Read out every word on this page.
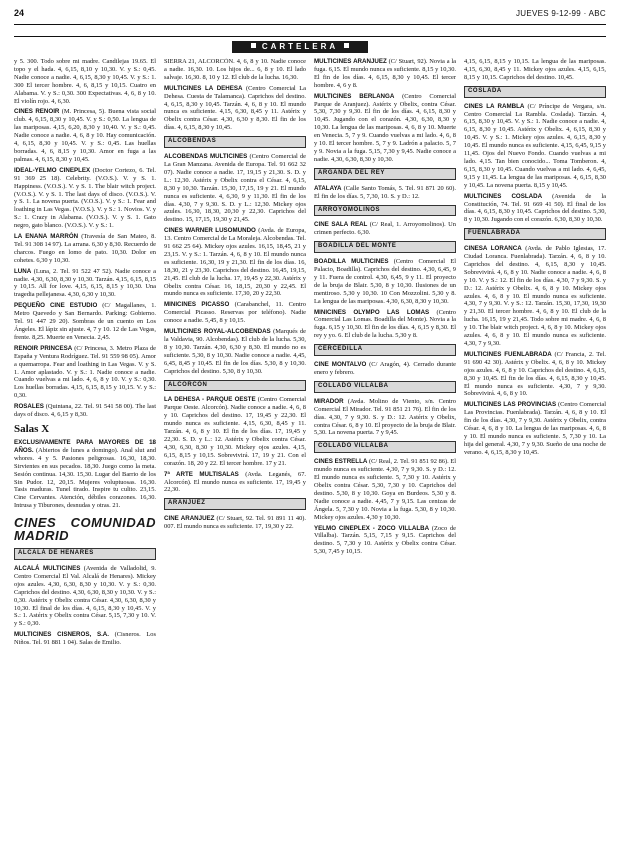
24	JUEVES 9-12-99 · ABC
CARTELERA

y 5. 300. Todo sobre mi madre. Candilejas 19.65. El topo y el hada. 4, 6,15, 8,10 y 10,30. V. y S.: 0,45. Nadie conoce a nadie. 4, 6,15, 8,30 y 10,45. V. y S.: 1. 300 El tercer hombre. 4, 6, 8,15 y 10,15. Cuatro en Alabama. V. y S.: 0,30. 300 Expectativas. 4, 6, 8 y 10. El violín rojo. 4, 6,30.

CINES RENOIR (M. Princesa, 5). Buena vista social club. 4, 6,15, 8,30 y 10,45. V. y S.: 0,50. La lengua de las mariposas. 4,15, 6,20, 8,30 y 10,40. V. y S.: 0,45. Nadie conoce a nadie. 4, 6, 8 y 10. Hay comunicación. 4, 6,15, 8,30 y 10,45. V. y S.: 0,45. Las huellas borradas. 4, 6, 8,15 y 10,30. Amor en fuga a las palmas. 4, 6,15, 8,30 y 10,45.

IDEAL-YELMO CINEPLEX (Doctor Cortezo, 6. Tel. 91 369 25 18). Celebrity. (V.O.S.). V. y S. 1. Happiness. (V.O.S.). V. y S. 1. The blair witch project. (V.O.S.). V. y S. 1. The last days of disco. (V.O.S.). V. y S. 1. La novena puerta. (V.O.S.). V. y S.: 1. Fear and loathing in Las Vegas. (V.O.S.). V. y S.: 1. Novios. V. y S.: 1. Crazy in Alabama. (V.O.S.). V. y S. 1. Gato negro, gato blanco. (V.O.S.). V. y S.: 1.

LA ENANA MARRÓN (Travesía de San Mateo, 8. Tel. 91 308 14 97). La arrana. 6,30 y 8,30. Recuerdo de charcos. Fuego en lomo de pato. 10,30. Dolor en cohetes. 6,30 y 10,30.

LUNA (Luna, 2. Tel. 91 522 47 52). Nadie conoce a nadie. 4,30, 6,30, 8,30 y 10,30. Tarzán. 4,15, 6,15, 8,15 y 10,15. All for love. 4,15, 6,15, 8,15 y 10,30. Una tragedia pellejanesa. 4,30, 6,30 y 10,30.

PEQUEÑO CINE ESTUDIO (C/ Magallanes, 1. Metro Quevedo y San Bernardo. Parking: Gobierno. Tel. 91 447 29 20). Sombras de un cuento en Los Ángeles. El lápiz sin ajuste. 4, 7 y 10. 12 de Las Vegas, frente. 8,25. Muerte en Venecia. 2,45.

RENOIR PRINCESA (C/ Princesa, 3. Metro Plaza de España y Ventura Rodríguez. Tel. 91 559 98 05). Amor a quemarropa. Fear and loathing in Las Vegas. V. y S. 1. Amor aplastado. V. y S.: 1. Nadie conoce a nadie. Cuando vuelvas a mi lado. 4, 6, 8 y 10. V. y S.: 0,30. Los huellas borradas. 4,15, 6,15, 8,15 y 10,15. V. y S.: 0,30.

ROSALES (Quintana, 22. Tel. 91 541 58 00). The last days of disco. 4, 6,15 y 8,30.

Salas X

EXCLUSIVAMENTE PARA MAYORES DE 18 AÑOS. (Abiertos de lunes a domingo). Anal slut and whores. 4 y 5. Pasiones peligrosas. 16,30, 18,30. Sirvientes en sus pecados. 18,30. Juego como la meta. Sesión continua. 14,30. 15,30. Lugar del Barrio de los Sin Pudor. 12, 20,15. Mujeres voluptuosas. 16,30. Tasis maduras. Tunel tirado. Inspire tu culito. 23,15. Cine Cervantes. Atención, débiles corazones. 16,30. Intrusa y Tiburones, desnudas y otras. 21.

CINES COMUNIDAD MADRID
ALCALÁ DE HENARES

ALCALÁ MULTICINES (Avenida de Valladolid, 9. Centro Comercial El Val. Alcalá de Henares). Mickey ojos azules. 4,30, 6,30, 8,30 y 10,30. V. y S.: 0,30. Caprichos del destino. 4,30, 6,30, 8,30 y 10,30. V. y S.: 0,30. Astérix y Obelix contra César. 4,30, 6,30, 8,30 y 10,30. El final de los días. 4, 6,15, 8,30 y 10,45. V. y S.: 1. Astérix y Obelix contra César. 5,15, 7,30 y 10. V. y S.: 0,30.

MULTICINES CISNEROS, S.A. (Cisneros. Los Niños. Tel. 91 881 1 04). Salas de Emilio.

SIERRA 21, ALCORCÓN. 4, 6, 8 y 10. Nadie conoce a nadie. 16,30. 10. Los hijos de... 6, 8 y 10. El lado salvaje. 16,30. 8, 10 y 12. El club de la lucha. 16,30.

MULTICINES LA DEHESA (Centro Comercial La Dehesa. Cuesta de Talamanca). Caprichos del destino. 4, 6,15, 8,30 y 10,45. Tarzán. 4, 6, 8 y 10. El mundo nunca es suficiente. 4,15, 6,30, 8,45 y 11. Astérix y Obelix contra César. 4,30, 6,30 y 8,30. El fin de los días. 4, 6,15, 8,30 y 10,45.

ALCOBENDAS

ALCOBENDAS MULTICINES (Centro Comercial de La Gran Manzana. Avenida de Europa. Tel. 91 662 32 07). Nadie conoce a nadie. 17, 19,15 y 21,30. S. D. y L.: 12,30. Astérix y Obelix contra el César. 4, 6,15, 8,30 y 10,30. Tarzán. 15,30, 17,15, 19 y 21. El mundo nunca es suficiente. 4, 6,30, 9 y 11,30. El fin de los días. 4,30, 7 y 9,30. S. D. y L.: 12,30. Mickey ojos azules. 16,30, 18,30, 20,30 y 22,30. Caprichos del destino. 15, 17,15, 19,30 y 21,45.

CINES WARNER LUSOMUNDO (Avda. de Europa, 13. Centro Comercial de La Moraleja. Alcobendas. Tel. 91 662 25 64). Mickey ojos azules. 16,15, 18,45, 21 y 23,15. V. y S.: 1. Tarzán. 4, 6, 8 y 10. El mundo nunca es suficiente. 16,30, 19 y 21,30. El fin de los días. 16, 18,30, 21 y 23,30. Caprichos del destino. 16,45, 19,15, 21,45. El club de la lucha. 17, 19,45 y 22,30. Astérix y Obelix contra César. 16, 18,15, 20,30 y 22,45. El mundo nunca es suficiente. 17,30, 20 y 22,30.

MINICINES PICASSO (Carabanchel, 11. Centro Comercial Picasso. Reservas por teléfono). Nadie conoce a nadie. 5,45, 8 y 10,15.

MULTICINES ROYAL-ALCOBENDAS (Marqués de la Valdavia, 90. Alcobendas). El club de la lucha. 5,30, 8 y 10,30. Tarzán. 4,30, 6,30 y 8,30. El mundo no es suficiente. 5,30, 8 y 10,30. Nadie conoce a nadie. 4,45, 6,45, 8,45 y 10,45. El fin de los días. 5,30, 8 y 10,30. Caprichos del destino. 5,30, 8 y 10,30.

ALCORCÓN

LA DEHESA - PARQUE OESTE (Centro Comercial Parque Oeste. Alcorcón). Nadie conoce a nadie. 4, 6, 8 y 10. Caprichos del destino. 17, 19,45 y 22,30. El mundo nunca es suficiente. 4,15, 6,30, 8,45 y 11. Tarzán. 4, 6, 8 y 10. El fin de los días. 17, 19,45 y 22,30. S. D. y L.: 12. Astérix y Obelix contra César. 4,30, 6,30, 8,30 y 10,30. Mickey ojos azules. 4,15, 6,15, 8,15 y 10,15. Sobrevivirá. 17, 19 y 21. Con el corazón. 18, 20 y 22. El tercer hombre. 17 y 21.

7ª ARTE MULTISALAS (Avda. Leganés, 67. Alcorcón). El mundo nunca es suficiente. 17, 19,45 y 22,30.

ARANJUEZ

CINE ARANJUEZ (C/ Stuart, 92. Tel. 91 891 11 40). 007. El mundo nunca es suficiente. 17, 19,30 y 22.

MULTICINES ARANJUEZ (C/ Stuart, 92). Novia a la fuga. 6,15. El mundo nunca es suficiente. 8,15 y 10,30. El fin de los días. 4, 6,15, 8,30 y 10,45. El tercer hombre. 4, 6 y 8.

MULTICINES BERLANGA (Centro Comercial Parque de Aranjuez). Astérix y Obelix, contra César. 5,30, 7,30 y 9,30. El fin de los días. 4, 6,15, 8,30 y 10,45. Jugando con el corazón. 4,30, 6,30, 8,30 y 10,30. La lengua de las mariposas. 4, 6, 8 y 10. Muerte en Venecia. 5, 7 y 9. Cuando vuelvas a mi lado. 4, 6, 8 y 10. El tercer hombre. 5, 7 y 9. Ladrón a palacio. 5, 7 y 9. Novia a la fuga. 5,15, 7,30 y 9,45. Nadie conoce a nadie. 4,30, 6,30, 8,30 y 10,30.

ARGANDA DEL REY

ATALAYA (Calle Santo Tomás, 5. Tel. 91 871 20 60). El fin de los días. 5, 7,30, 10. S. y D.: 12.

ARROYOMOLINOS

CINE SALA REAL (C/ Real, 1. Arroyomolinos). Un crimen perfecto. 6,30.

BOADILLA DEL MONTE

BOADILLA MULTICINES (Centro Comercial El Palacio, Boadilla). Caprichos del destino. 4,30, 6,45, 9 y 11. Fuera de control. 4,30, 6,45, 9 y 11. El proyecto de la bruja de Blair. 5,30, 8 y 10,30. Ilusiones de un mentiroso. 5,30 y 10,30. 10 Con Mozzolini. 5,30 y 8. La lengua de las mariposas. 4,30, 6,30, 8,30 y 10,30.

MINICINES OLYMPO LAS LOMAS (Centro Comercial Las Lomas. Boadilla del Monte). Novia a la fuga. 6,15 y 10,30. El fin de los días. 4, 6,15 y 8,30. El rey y yo. 6. El club de la lucha. 5,30 y 8.

CERCEDILLA

CINE MONTALVO (C/ Aragón, 4). Cerrado durante enero y febrero.

COLLADO VILLALBA

MIRADOR (Avda. Molino de Viento, s/n. Centro Comercial El Mirador. Tel. 91 851 21 76). El fin de los días. 4,30, 7 y 9,30. S. y D.: 12. Astérix y Obelix, contra César. 6, 8 y 10. El proyecto de la bruja de Blair. 5,30. La novena puerta. 7 y 9,45.

COLLADO VILLALBA

CINES ESTRELLA (C/ Real, 2. Tel. 91 851 92 86). El mundo nunca es suficiente. 4,30, 7 y 9,30. S. y D.: 12. El mundo nunca es suficiente. 5, 7,30 y 10. Astérix y Obelix contra César. 5,30, 7,30 y 10. Caprichos del destino. 5,30, 8 y 10,30. Goya en Burdeos. 5,30 y 8. Nadie conoce a nadie. 4,45, 7 y 9,15. Las cenizas de Ángela. 5, 7,30 y 10. Novia a la fuga. 5,30, 8 y 10,30. Mickey ojos azules. 4,30 y 10,30.

YELMO CINEPLEX - ZOCO VILLALBA (Zoco de Villalba). Tarzán. 5,15, 7,15 y 9,15. Caprichos del destino. 5, 7,30 y 10. Astérix y Obelix contra César. 5,30, 7,45 y 10,15.

4,15, 6,15, 8,15 y 10,15. La lengua de las mariposas. 4,15, 6,30, 8,45 y 11. Mickey ojos azules. 4,15, 6,15, 8,15 y 10,15. Caprichos del destino. 10,45.

COSLADA

CINES LA RAMBLA (C/ Príncipe de Vergara, s/n. Centro Comercial La Rambla. Coslada). Tarzán. 4, 6,15, 8,30 y 10,45. V. y S.: 1. Nadie conoce a nadie. 4, 6,15, 8,30 y 10,45. Astérix y Obelix. 4, 6,15, 8,30 y 10,45. V. y S.: 1. Mickey ojos azules. 4, 6,15, 8,30 y 10,45. El mundo nunca es suficiente. 4,15, 6,45, 9,15 y 11,45. Ojos del Nuevo Fondo. Cuando vuelvas a mi lado. 4,15. Tan bien conocido... Toma Tomberon. 4, 6,15, 8,30 y 10,45. Cuando vuelvas a mi lado. 4, 6,45, 9,15 y 11,45. La lengua de las mariposas. 4, 6,15, 8,30 y 10,45. La novena puerta. 8,15 y 10,45.

MULTICINES COSLADA (Avenida de la Constitución, 74. Tel. 91 669 41 50). El final de los días. 4, 6,15, 8,30 y 10,45. Caprichos del destino. 5,30, 8 y 10,30. Jugando con el corazón. 6,30, 8,30 y 10,30.

FUENLABRADA

CINESA LORANCA (Avda. de Pablo Iglesias, 17. Ciudad Loranca. Fuenlabrada). Tarzán. 4, 6, 8 y 10. Caprichos del destino. 4, 6,15, 8,30 y 10,45. Sobrevivirá. 4, 6, 8 y 10. Nadie conoce a nadie. 4, 6, 8 y 10. V. y S.: 12. El fin de los días. 4,30, 7 y 9,30. S. y D.: 12. Astérix y Obelix. 4, 6, 8 y 10. Mickey ojos azules. 4, 6, 8 y 10. El mundo nunca es suficiente. 4,30, 7 y 9,30. V. y S.: 12. Tarzán. 15,30, 17,30, 19,30 y 21,30. El tercer hombre. 4, 6, 8 y 10. El club de la lucha. 16,15, 19 y 21,45. Todo sobre mi madre. 4, 6, 8 y 10. The blair witch project. 4, 6, 8 y 10. Mickey ojos azules. 4, 6, 8 y 10. El mundo nunca es suficiente. 4,30, 7 y 9,30.

MULTICINES FUENLABRADA (C/ Francia, 2. Tel. 91 690 42 30). Astérix y Obelix. 4, 6, 8 y 10. Mickey ojos azules. 4, 6, 8 y 10. Caprichos del destino. 4, 6,15, 8,30 y 10,45. El fin de los días. 4, 6,15, 8,30 y 10,45. El mundo nunca es suficiente. 4,30, 7 y 9,30. Sobrevivirá. 4, 6, 8 y 10.

MULTICINES LAS PROVINCIAS (Centro Comercial Las Provincias. Fuenlabrada). Tarzán. 4, 6, 8 y 10. El fin de los días. 4,30, 7 y 9,30. Astérix y Obelix, contra César. 4, 6, 8 y 10. La lengua de las mariposas. 4, 6, 8 y 10. El mundo nunca es suficiente. 5, 7,30 y 10. La hija del general. 4,30, 7 y 9,30. Sueño de una noche de verano. 4, 6,15, 8,30 y 10,45.
